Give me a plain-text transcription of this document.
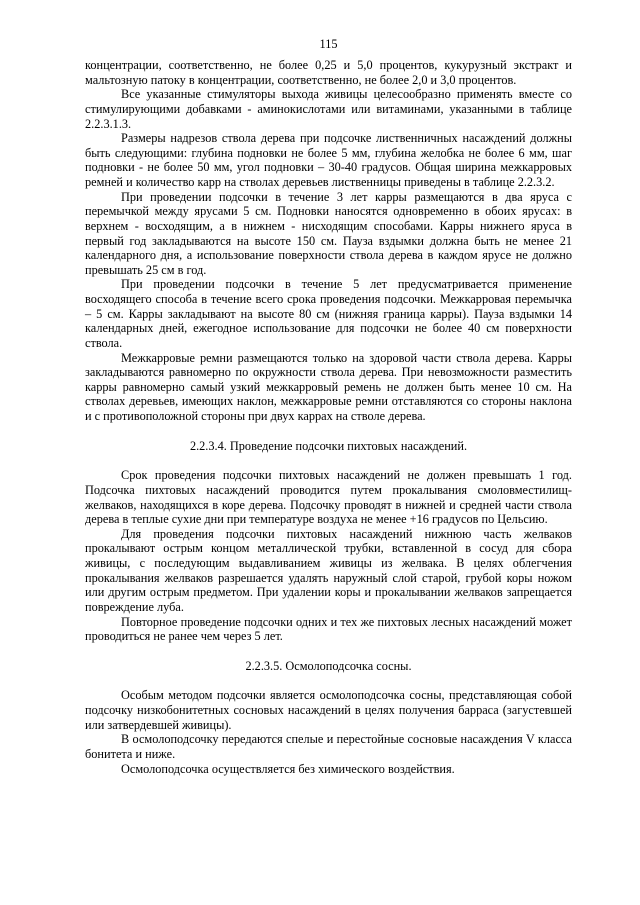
115

концентрации, соответственно, не более 0,25 и 5,0 процентов, кукурузный экстракт и мальтозную патоку в концентрации, соответственно, не более 2,0 и 3,0 процентов.

Все указанные стимуляторы выхода живицы целесообразно применять вместе со стимулирующими добавками - аминокислотами или витаминами, указанными в таблице 2.2.3.1.3.

Размеры надрезов ствола дерева при подсочке лиственничных насаждений должны быть следующими: глубина подновки не более 5 мм, глубина желобка не более 6 мм, шаг подновки - не более 50 мм, угол подновки – 30-40 градусов. Общая ширина межкарровых ремней и количество карр на стволах деревьев лиственницы приведены в таблице 2.2.3.2.

При проведении подсочки в течение 3 лет карры размещаются в два яруса с перемычкой между ярусами 5 см. Подновки наносятся одновременно в обоих ярусах: в верхнем - восходящим, а в нижнем - нисходящим способами. Карры нижнего яруса в первый год закладываются на высоте 150 см. Пауза вздымки должна быть не менее 21 календарного дня, а использование поверхности ствола дерева в каждом ярусе не должно превышать 25 см в год.

При проведении подсочки в течение 5 лет предусматривается применение восходящего способа в течение всего срока проведения подсочки. Межкарровая перемычка – 5 см. Карры закладывают на высоте 80 см (нижняя граница карры). Пауза вздымки 14 календарных дней, ежегодное использование для подсочки не более 40 см поверхности ствола.

Межкарровые ремни размещаются только на здоровой части ствола дерева. Карры закладываются равномерно по окружности ствола дерева. При невозможности разместить карры равномерно самый узкий межкарровый ремень не должен быть менее 10 см. На стволах деревьев, имеющих наклон, межкарровые ремни отставляются со стороны наклона и с противоположной стороны при двух каррах на стволе дерева.

2.2.3.4. Проведение подсочки пихтовых насаждений.

Срок проведения подсочки пихтовых насаждений не должен превышать 1 год. Подсочка пихтовых насаждений проводится путем прокалывания смоловместилищ-желваков, находящихся в коре дерева. Подсочку проводят в нижней и средней части ствола дерева в теплые сухие дни при температуре воздуха не менее +16 градусов по Цельсию.

Для проведения подсочки пихтовых насаждений нижнюю часть желваков прокалывают острым концом металлической трубки, вставленной в сосуд для сбора живицы, с последующим выдавливанием живицы из желвака. В целях облегчения прокалывания желваков разрешается удалять наружный слой старой, грубой коры ножом или другим острым предметом. При удалении коры и прокалывании желваков запрещается повреждение луба.

Повторное проведение подсочки одних и тех же пихтовых лесных насаждений может проводиться не ранее чем через 5 лет.

2.2.3.5. Осмолоподсочка сосны.

Особым методом подсочки является осмолоподсочка сосны, представляющая собой подсочку низкобонитетных сосновых насаждений в целях получения барраса (загустевшей или затвердевшей живицы).

В осмолоподсочку передаются спелые и перестойные сосновые насаждения V класса бонитета и ниже.

Осмолоподсочка осуществляется без химического воздействия.
